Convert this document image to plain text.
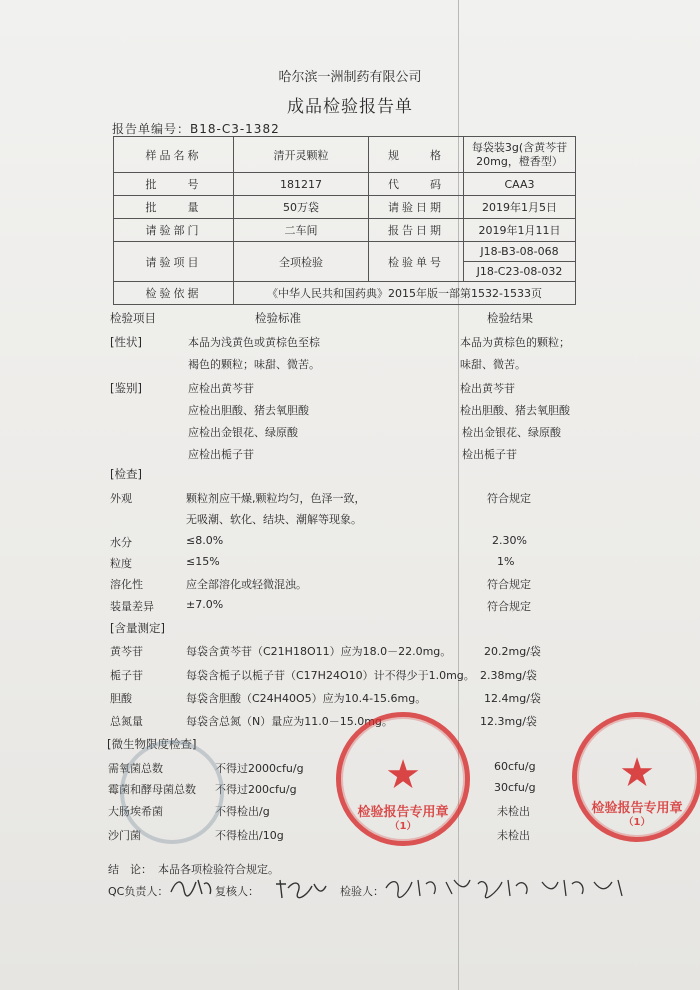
哈尔滨一洲制药有限公司
成品检验报告单
报告单编号：B18-C3-1382
样品名称	清开灵颗粒	规　　格	每袋装3g(含黄芩苷
20mg，橙香型）

批　　号	181217	代　　码	CAA3
批　　量	50万袋	请验日期	2019年1月5日
请验部门	二车间	报告日期	2019年1月11日
请验项目	全项检验	检验单号	J18-B3-08-068
J18-C23-08-032

检验依据	《中华人民共和国药典》2015年版一部第1532-1533页		
检验项目	检验标准	检验结果
[性状]	本品为浅黄色或黄棕色至棕
褐色的颗粒；味甜、微苦。
本品为黄棕色的颗粒；
味甜、微苦。
[鉴别]	应检出黄芩苷	检出黄芩苷
应检出胆酸、猪去氧胆酸	检出胆酸、猪去氧胆酸
应检出金银花、绿原酸	检出金银花、绿原酸
应检出栀子苷	检出栀子苷
[检查]
外观	颗粒剂应干燥,颗粒均匀，色泽一致，
无吸潮、软化、结块、潮解等现象。
符合规定
水分	≤8.0%	2.30%
粒度	≤15%	1%
溶化性	应全部溶化或轻微混浊。	符合规定
装量差异	±7.0%	符合规定
[含量测定]
黄芩苷	每袋含黄芩苷（C21H18O11）应为18.0－22.0mg。	20.2mg/袋
栀子苷	每袋含栀子以栀子苷（C17H24O10）计不得少于1.0mg。 2.38mg/袋
胆酸	每袋含胆酸（C24H40O5）应为10.4-15.6mg。	12.4mg/袋
总氮量	每袋含总氮（N）量应为11.0－15.0mg。	12.3mg/袋
[微生物限度检查]
需氧菌总数	不得过2000cfu/g	60cfu/g
霉菌和酵母菌总数 不得过200cfu/g	30cfu/g
大肠埃希菌	不得检出/g	未检出
沙门菌	不得检出/10g	未检出
★
检验报告专用章
（1）
★
检验报告专用章
（1）
结　论： 本品各项检验符合规定。
QC负责人：	复核人：	检验人：
